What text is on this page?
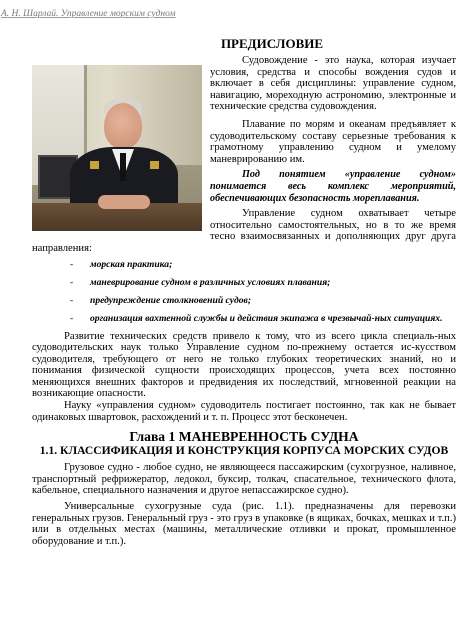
А. Н. Шарлай. Управление морским судном
ПРЕДИСЛОВИЕ

Судовождение - это наука, которая изучает условия, средства и способы вождения судов и включает в себя дисциплины: управление судном, навигацию, мореходную астрономию, электронные и технические средства судовождения.

Плавание по морям и океанам предъявляет к судоводительскому составу серьезные требования к грамотному управлению судном и умелому маневрированию им.

Под понятием «управление судном» понимается весь комплекс мероприятий, обеспечивающих безопасность мореплавания.

Управление судном охватывает четыре относительно самостоятельных, но в то же время тесно взаимосвязанных и дополняющих друг друга направления:

- морская практика;
- маневрирование судном в различных условиях плавания;
- предупреждение столкновений судов;
- организация вахтенной службы и действия экипажа в чрезвычай-ных ситуациях.

Развитие технических средств привело к тому, что из всего цикла специаль-ных судоводительских наук только Управление судном по-прежнему остается ис-кусством судоводителя, требующего от него не только глубоких теоретических знаний, но и понимания физической сущности происходящих процессов, учета всех постоянно меняющихся внешних факторов и предвидения их последствий, мгновенной реакции на возникающие опасности.

Науку «управления судном» судоводитель постигает постоянно, так как не бывает одинаковых швартовок, расхождений и т. п. Процесс этот бесконечен.

Глава 1 МАНЕВРЕННОСТЬ СУДНА
1.1. КЛАССИФИКАЦИЯ И КОНСТРУКЦИЯ КОРПУСА МОРСКИХ СУДОВ

Грузовое судно - любое судно, не являющееся пассажирским (сухогрузное, наливное, транспортный рефрижератор, ледокол, буксир, толкач, спасательное, технического флота, кабельное, специального назначения и другое непассажирское судно).

Универсальные сухогрузные суда (рис. 1.1). предназначены для перевозки генеральных грузов. Генеральный груз - это груз в упаковке (в ящиках, бочках, мешках и т.п.) или в отдельных местах (машины, металлические отливки и прокат, промышленное оборудование и т.п.).
